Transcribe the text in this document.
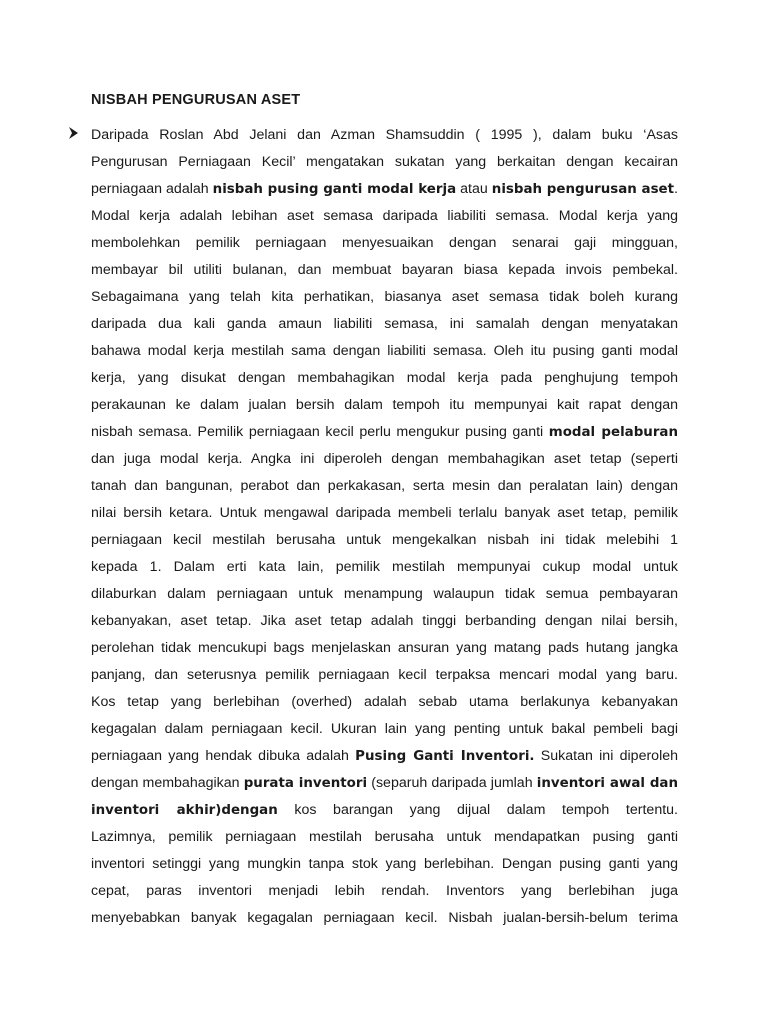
NISBAH PENGURUSAN ASET
Daripada Roslan Abd Jelani dan Azman Shamsuddin ( 1995 ), dalam buku ‘Asas
Pengurusan Perniagaan Kecil’ mengatakan sukatan yang berkaitan dengan kecairan
perniagaan adalah nisbah pusing ganti modal kerja atau nisbah pengurusan aset.
Modal kerja adalah lebihan aset semasa daripada liabiliti semasa. Modal kerja yang
membolehkan pemilik perniagaan menyesuaikan dengan senarai gaji mingguan,
membayar bil utiliti bulanan, dan membuat bayaran biasa kepada invois pembekal.
Sebagaimana yang telah kita perhatikan, biasanya aset semasa tidak boleh kurang
daripada dua kali ganda amaun liabiliti semasa, ini samalah dengan menyatakan
bahawa modal kerja mestilah sama dengan liabiliti semasa. Oleh itu pusing ganti modal
kerja, yang disukat dengan membahagikan modal kerja pada penghujung tempoh
perakaunan ke dalam jualan bersih dalam tempoh itu mempunyai kait rapat dengan
nisbah semasa. Pemilik perniagaan kecil perlu mengukur pusing ganti modal pelaburan
dan juga modal kerja. Angka ini diperoleh dengan membahagikan aset tetap (seperti
tanah dan bangunan, perabot dan perkakasan, serta mesin dan peralatan lain) dengan
nilai bersih ketara. Untuk mengawal daripada membeli terlalu banyak aset tetap, pemilik
perniagaan kecil mestilah berusaha untuk mengekalkan nisbah ini tidak melebihi 1
kepada 1. Dalam erti kata lain, pemilik mestilah mempunyai cukup modal untuk
dilaburkan dalam perniagaan untuk menampung walaupun tidak semua pembayaran
kebanyakan, aset tetap. Jika aset tetap adalah tinggi berbanding dengan nilai bersih,
perolehan tidak mencukupi bags menjelaskan ansuran yang matang pads hutang jangka
panjang, dan seterusnya pemilik perniagaan kecil terpaksa mencari modal yang baru.
Kos tetap yang berlebihan (overhed) adalah sebab utama berlakunya kebanyakan
kegagalan dalam perniagaan kecil. Ukuran lain yang penting untuk bakal pembeli bagi
perniagaan yang hendak dibuka adalah Pusing Ganti Inventori. Sukatan ini diperoleh
dengan membahagikan purata inventori (separuh daripada jumlah inventori awal dan
inventori akhir)dengan kos barangan yang dijual dalam tempoh tertentu.
Lazimnya, pemilik perniagaan mestilah berusaha untuk mendapatkan pusing ganti
inventori setinggi yang mungkin tanpa stok yang berlebihan. Dengan pusing ganti yang
cepat, paras inventori menjadi lebih rendah. Inventors yang berlebihan juga
menyebabkan banyak kegagalan perniagaan kecil. Nisbah jualan-bersih-belum terima
